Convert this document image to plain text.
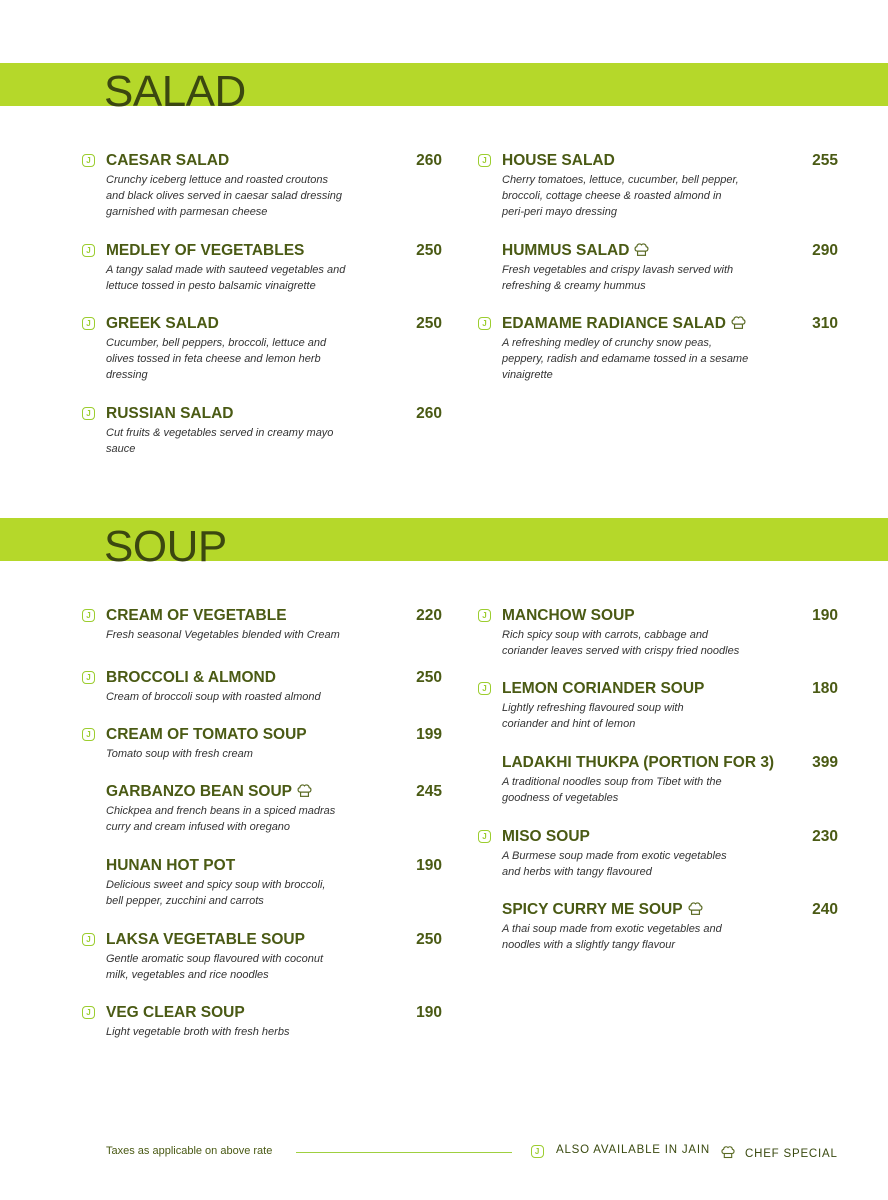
SALAD
SOUP
Taxes as applicable on above rate	J ALSO AVAILABLE IN JAIN	CHEF SPECIAL
J CAESAR SALAD	260
Crunchy iceberg lettuce and roasted croutons
and black olives served in caesar salad dressing
garnished with parmesan cheese
J MEDLEY OF VEGETABLES	250
A tangy salad made with sauteed vegetables and
lettuce tossed in pesto balsamic vinaigrette
J GREEK SALAD	250
Cucumber, bell peppers, broccoli, lettuce and
olives tossed in feta cheese and lemon herb
dressing
J RUSSIAN SALAD	260
Cut fruits & vegetables served in creamy mayo
sauce
J HOUSE SALAD	255
Cherry tomatoes, lettuce, cucumber, bell pepper,
broccoli, cottage cheese & roasted almond in
peri-peri mayo dressing
HUMMUS SALAD	290
Fresh vegetables and crispy lavash served with
refreshing & creamy hummus
J EDAMAME RADIANCE SALAD	310
A refreshing medley of crunchy snow peas,
peppery, radish and edamame tossed in a sesame
vinaigrette
J CREAM OF VEGETABLE	220
Fresh seasonal Vegetables blended with Cream
J BROCCOLI & ALMOND	250
Cream of broccoli soup with roasted almond
J CREAM OF TOMATO SOUP	199
Tomato soup with fresh cream
GARBANZO BEAN SOUP	245
Chickpea and french beans in a spiced madras
curry and cream infused with oregano
HUNAN HOT POT	190
Delicious sweet and spicy soup with broccoli,
bell pepper, zucchini and carrots
J LAKSA VEGETABLE SOUP	250
Gentle aromatic soup flavoured with coconut
milk, vegetables and rice noodles
J VEG CLEAR SOUP	190
Light vegetable broth with fresh herbs
J MANCHOW SOUP	190
Rich spicy soup with carrots, cabbage and
coriander leaves served with crispy fried noodles
J LEMON CORIANDER SOUP	180
Lightly refreshing flavoured soup with
coriander and hint of lemon
LADAKHI THUKPA (PORTION FOR 3) 399
A traditional noodles soup from Tibet with the
goodness of vegetables
J MISO SOUP	230
A Burmese soup made from exotic vegetables
and herbs with tangy flavoured
SPICY CURRY ME SOUP	240
A thai soup made from exotic vegetables and
noodles with a slightly tangy flavour
